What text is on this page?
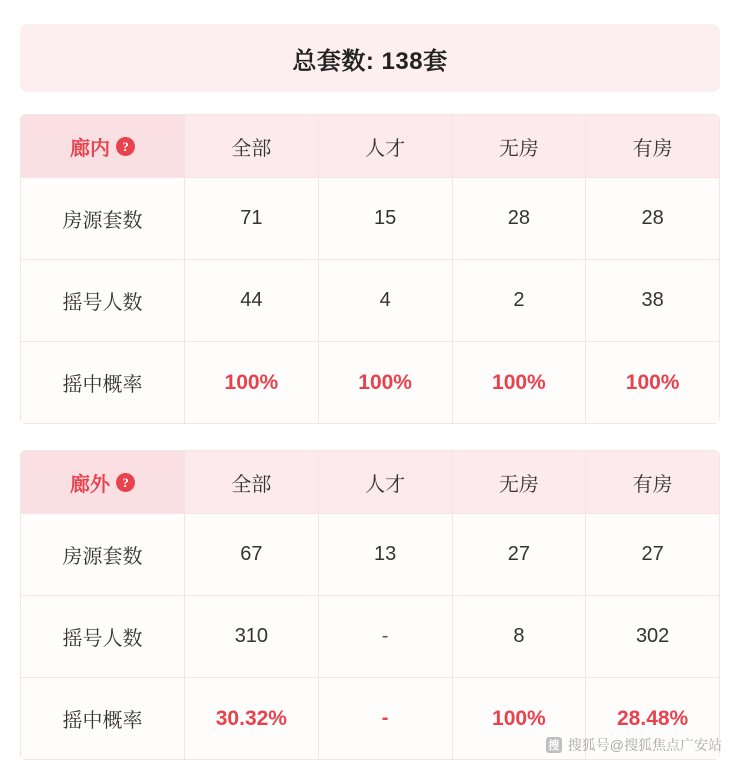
总套数: 138套
廊内 ?	全部	人才	无房	有房
房源套数	71	15	28	28
摇号人数	44	4	2	38
摇中概率	100%	100%	100%	100%
廊外 ?	全部	人才	无房	有房
房源套数	67	13	27	27
摇号人数	310	-	8	302
摇中概率	30.32%	-	100%	28.48%
搜 搜狐号@搜狐焦点广安站
